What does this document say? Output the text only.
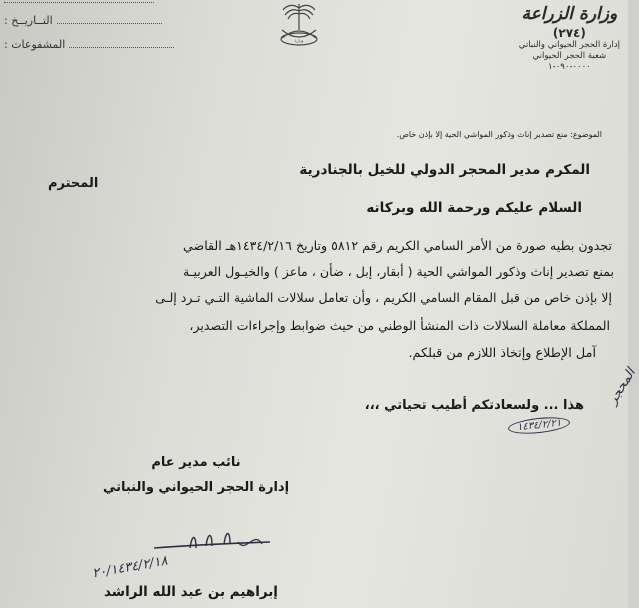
التــاريــخ :
المشفوعات :	ﻭﺯﺍﺭﺓ
وزارة الزراعة
(٢٧٤)
إدارة الحجر الحيواني والنباتي
شعبة الحجر الحيواني
٠٠٠٠-٠٩٠-١
الموضوع: منع تصدير إناث وذكور المواشي الحية إلا بإذن خاص.
المكرم مدير المحجر الدولي للخيل بالجنادرية
المحترم
السلام عليكم ورحمة الله وبركاته
تجدون بطيه صورة من الأمر السامي الكريم رقم ٥٨١٢ وتاريخ ١٤٣٤/٢/١٦هـ القاضي
بمنع تصدير إناث وذكور المواشي الحية ( أبقار، إبل ، ضأن ، ماعز ) والخيـول العربيـة
إلا بإذن خاص من قبل المقام السامي الكريم ، وأن تعامل سلالات الماشية التـي تـرد إلـى
المملكة معاملة السلالات ذات المنشأ الوطني من حيث ضوابط وإجراءات التصدير،
آمل الإطلاع وإتخاذ اللازم من قبلكم.
هذا ... ولسعادتكم أطيب تحياتي ،،، المحجر
١٤٣٤/٢/٢١
نائب مدير عام
إدارة الحجر الحيواني والنباتي
٢٠/١٤٣٤/٢/١٨
إبراهيم بن عبد الله الراشد
